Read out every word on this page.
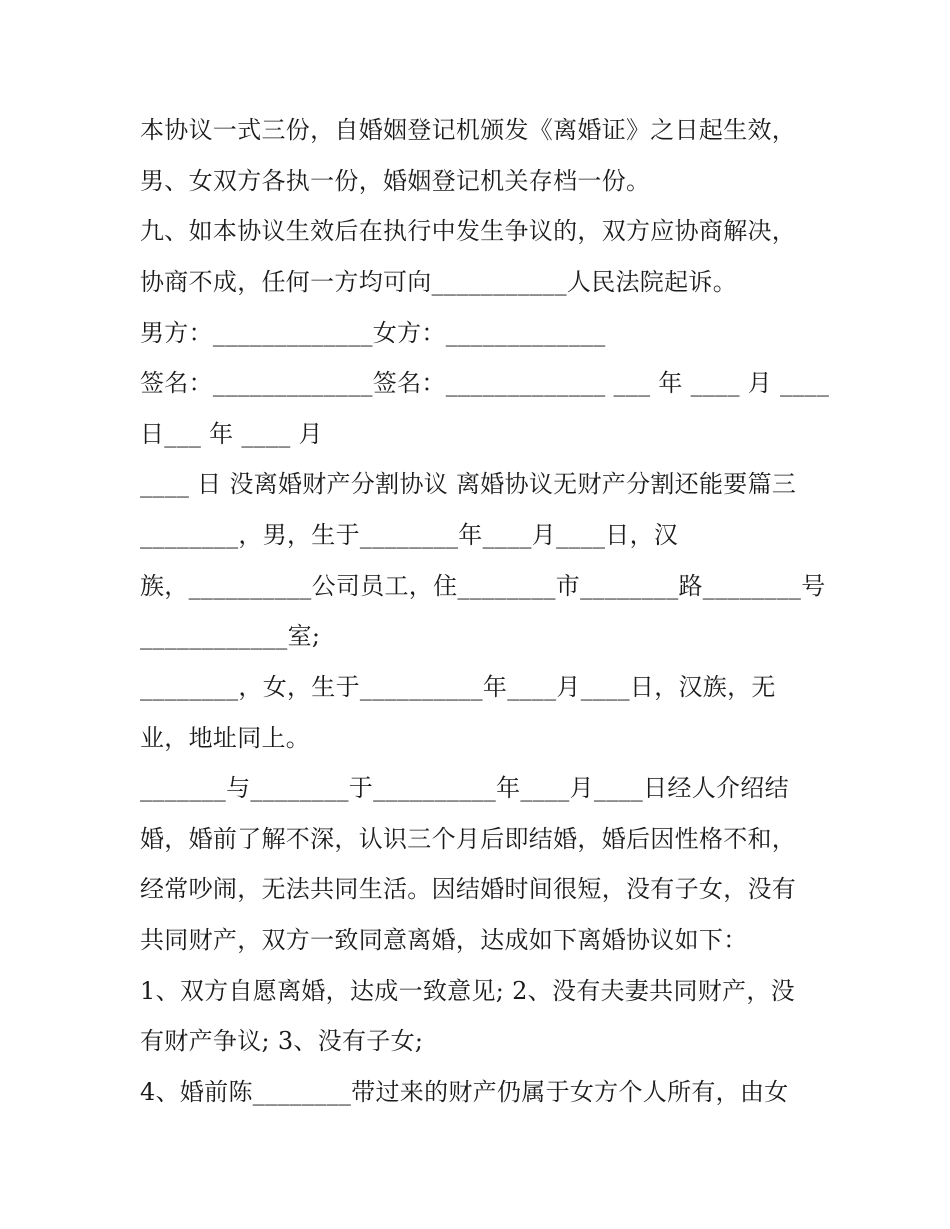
本协议一式三份，自婚姻登记机颁发《离婚证》之日起生效，
男、女双方各执一份，婚姻登记机关存档一份。
九、如本协议生效后在执行中发生争议的，双方应协商解决，
协商不成，任何一方均可向___________人民法院起诉。
男方：_____________女方：_____________
签名：_____________签名：_____________ ___ 年 ____ 月 ____
日___ 年 ____ 月
____ 日 没离婚财产分割协议 离婚协议无财产分割还能要篇三
________，男，生于________年____月____日，汉
族，__________公司员工，住________市________路________号
____________室;
________，女，生于__________年____月____日，汉族，无
业，地址同上。
_______与________于__________年____月____日经人介绍结
婚，婚前了解不深，认识三个月后即结婚，婚后因性格不和，
经常吵闹，无法共同生活。因结婚时间很短，没有子女，没有
共同财产，双方一致同意离婚，达成如下离婚协议如下：
1、双方自愿离婚，达成一致意见; 2、没有夫妻共同财产，没
有财产争议; 3、没有子女;
4、婚前陈________带过来的财产仍属于女方个人所有，由女
